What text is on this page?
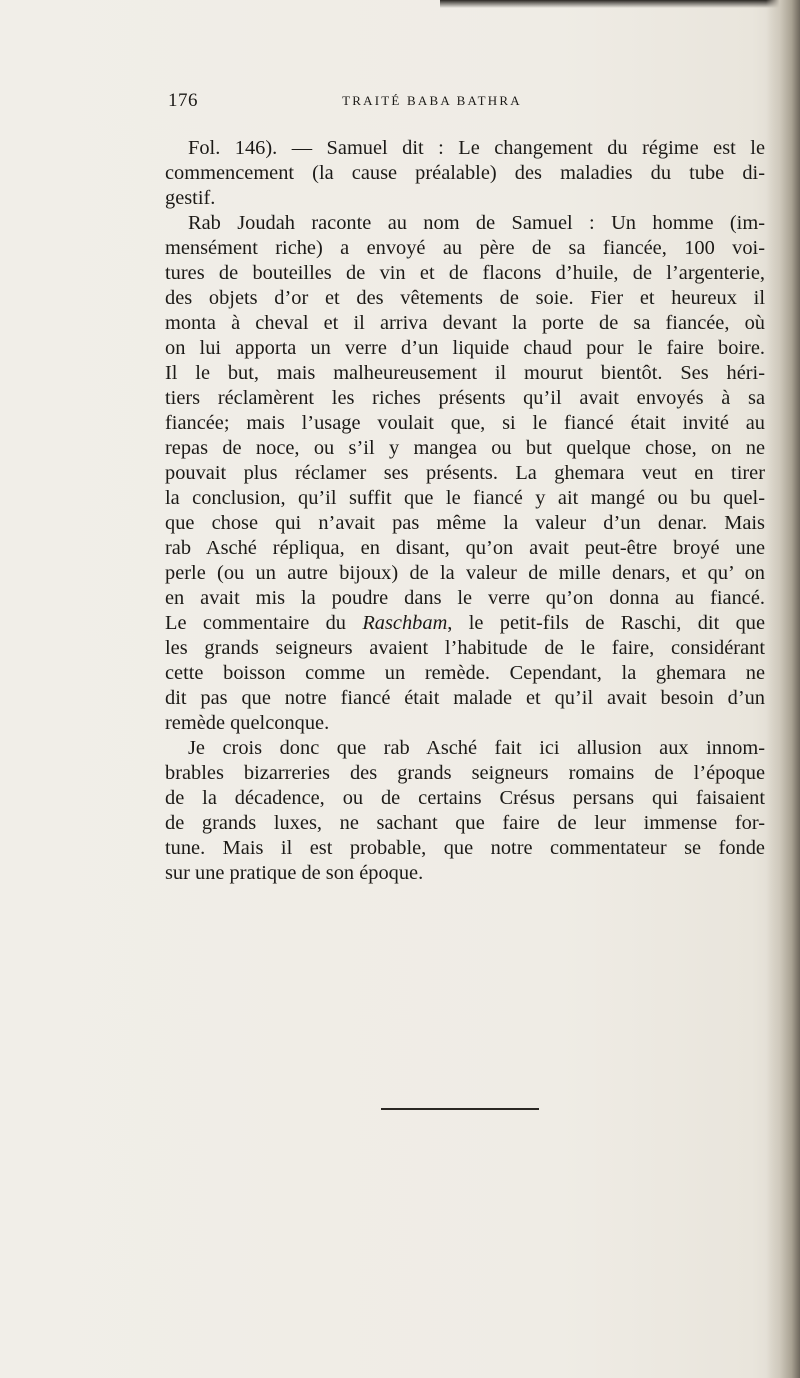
176	TRAITÉ BABA BATHRA
Fol. 146). — Samuel dit : Le changement du régime est le
commencement (la cause préalable) des maladies du tube di-
gestif.
Rab Joudah raconte au nom de Samuel : Un homme (im-
mensément riche) a envoyé au père de sa fiancée, 100 voi-
tures de bouteilles de vin et de flacons d’huile, de l’argenterie,
des objets d’or et des vêtements de soie. Fier et heureux il
monta à cheval et il arriva devant la porte de sa fiancée, où
on lui apporta un verre d’un liquide chaud pour le faire boire.
Il le but, mais malheureusement il mourut bientôt. Ses héri-
tiers réclamèrent les riches présents qu’il avait envoyés à sa
fiancée; mais l’usage voulait que, si le fiancé était invité au
repas de noce, ou s’il y mangea ou but quelque chose, on ne
pouvait plus réclamer ses présents. La ghemara veut en tirer
la conclusion, qu’il suffit que le fiancé y ait mangé ou bu quel-
que chose qui n’avait pas même la valeur d’un denar. Mais
rab Asché répliqua, en disant, qu’on avait peut-être broyé une
perle (ou un autre bijoux) de la valeur de mille denars, et qu’ on
en avait mis la poudre dans le verre qu’on donna au fiancé.
Le commentaire du Raschbam, le petit-fils de Raschi, dit que
les grands seigneurs avaient l’habitude de le faire, considérant
cette boisson comme un remède. Cependant, la ghemara ne
dit pas que notre fiancé était malade et qu’il avait besoin d’un
remède quelconque.
Je crois donc que rab Asché fait ici allusion aux innom-
brables bizarreries des grands seigneurs romains de l’époque
de la décadence, ou de certains Crésus persans qui faisaient
de grands luxes, ne sachant que faire de leur immense for-
tune. Mais il est probable, que notre commentateur se fonde
sur une pratique de son époque.
